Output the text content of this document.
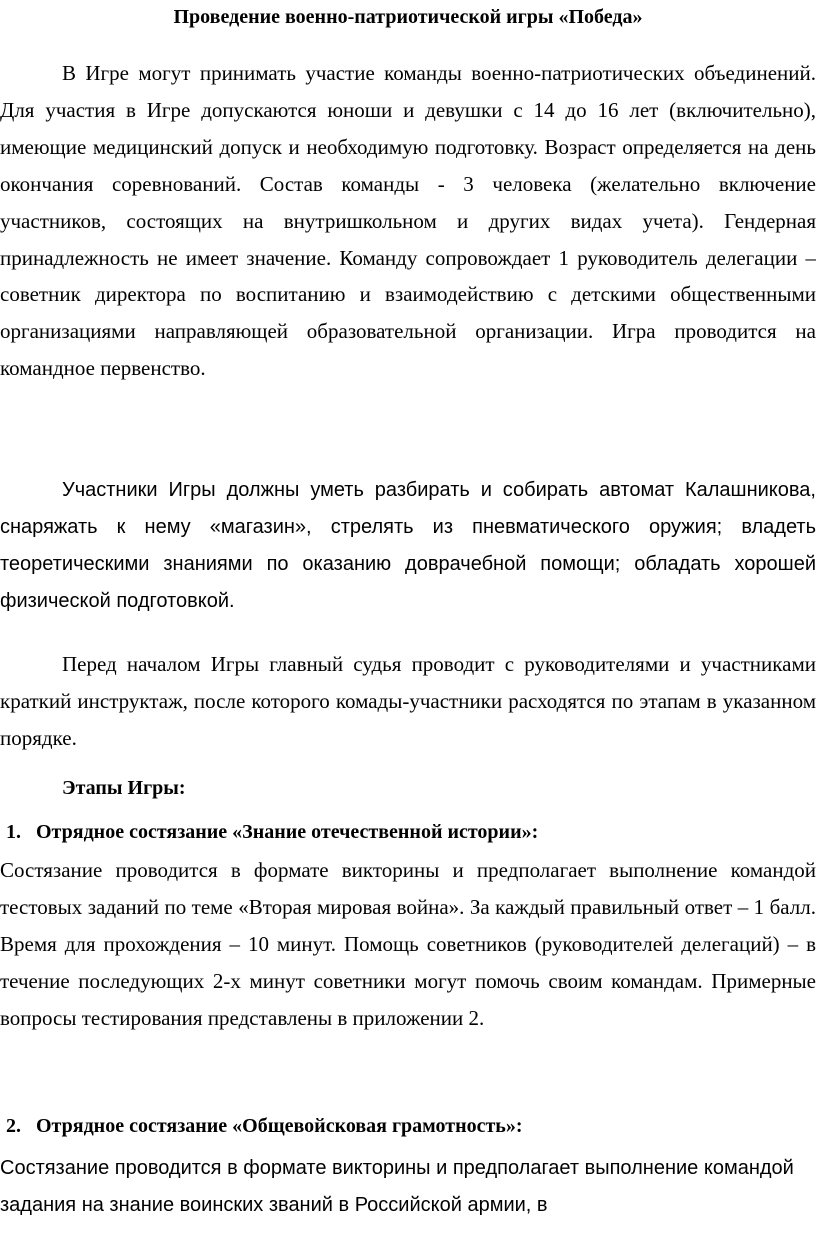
Проведение военно-патриотической игры «Победа»

В Игре могут принимать участие команды военно-патриотических объединений. Для участия в Игре допускаются юноши и девушки с 14 до 16 лет (включительно), имеющие медицинский допуск и необходимую подготовку. Возраст определяется на день окончания соревнований. Состав команды - 3 человека (желательно включение участников, состоящих на внутришкольном и других видах учета). Гендерная принадлежность не имеет значение. Команду сопровождает 1 руководитель делегации – советник директора по воспитанию и взаимодействию с детскими общественными организациями направляющей образовательной организации. Игра проводится на командное первенство.

Участники Игры должны уметь разбирать и собирать автомат Калашникова, снаряжать к нему «магазин», стрелять из пневматического оружия; владеть теоретическими знаниями по оказанию доврачебной помощи; обладать хорошей физической подготовкой.

Перед началом Игры главный судья проводит с руководителями и участниками краткий инструктаж, после которого комады-участники расходятся по этапам в указанном порядке.

Этапы Игры:
1. Отрядное состязание «Знание отечественной истории»:

Состязание проводится в формате викторины и предполагает выполнение командой тестовых заданий по теме «Вторая мировая война». За каждый правильный ответ – 1 балл. Время для прохождения – 10 минут. Помощь советников (руководителей делегаций) – в течение последующих 2-х минут советники могут помочь своим командам. Примерные вопросы тестирования представлены в приложении 2.

2. Отрядное состязание «Общевойсковая грамотность»:

Состязание проводится в формате викторины и предполагает выполнение командой задания на знание воинских званий в Российской армии, в
